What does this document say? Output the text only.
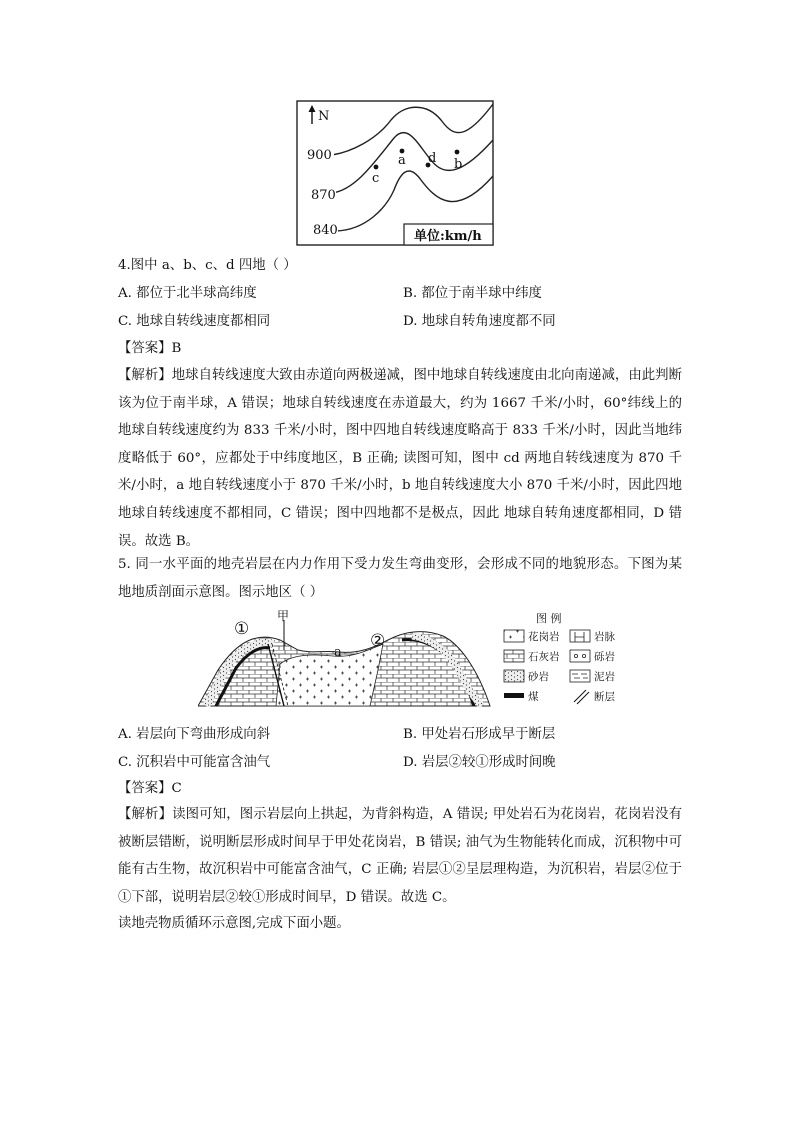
N
900
870
840
a	b
c
d
单位:km/h
4.图中 a、b、c、d 四地（ ）
A. 都位于北半球高纬度	B. 都位于南半球中纬度
C. 地球自转线速度都相同	D. 地球自转角速度都不同
【答案】B
【解析】地球自转线速度大致由赤道向两极递减，图中地球自转线速度由北向南递减，由此判断该为位于南半球，A 错误；地球自转线速度在赤道最大，约为 1667 千米/小时，60°纬线上的地球自转线速度约为 833 千米/小时，图中四地自转线速度略高于 833 千米/小时，因此当地纬度略低于 60°，应都处于中纬度地区，B 正确; 读图可知，图中 cd 两地自转线速度为 870 千米/小时，a 地自转线速度小于 870 千米/小时，b 地自转线速度大小 870 千米/小时，因此四地地球自转线速度不都相同，C 错误；图中四地都不是极点，因此 地球自转角速度都相同，D 错误。故选 B。
5. 同一水平面的地壳岩层在内力作用下受力发生弯曲变形，会形成不同的地貌形态。下图为某地地质剖面示意图。图示地区（ ）
甲
①
②
a
图 例
花岗岩	岩脉
石灰岩	砾岩
砂岩	泥岩
煤	断层
A. 岩层向下弯曲形成向斜	B. 甲处岩石形成早于断层
C. 沉积岩中可能富含油气	D. 岩层②较①形成时间晚
【答案】C
【解析】读图可知，图示岩层向上拱起，为背斜构造，A 错误; 甲处岩石为花岗岩，花岗岩没有被断层错断，说明断层形成时间早于甲处花岗岩，B 错误; 油气为生物能转化而成，沉积物中可能有古生物，故沉积岩中可能富含油气，C 正确; 岩层①②呈层理构造，为沉积岩，岩层②位于①下部，说明岩层②较①形成时间早，D 错误。故选 C。
读地壳物质循环示意图,完成下面小题。
